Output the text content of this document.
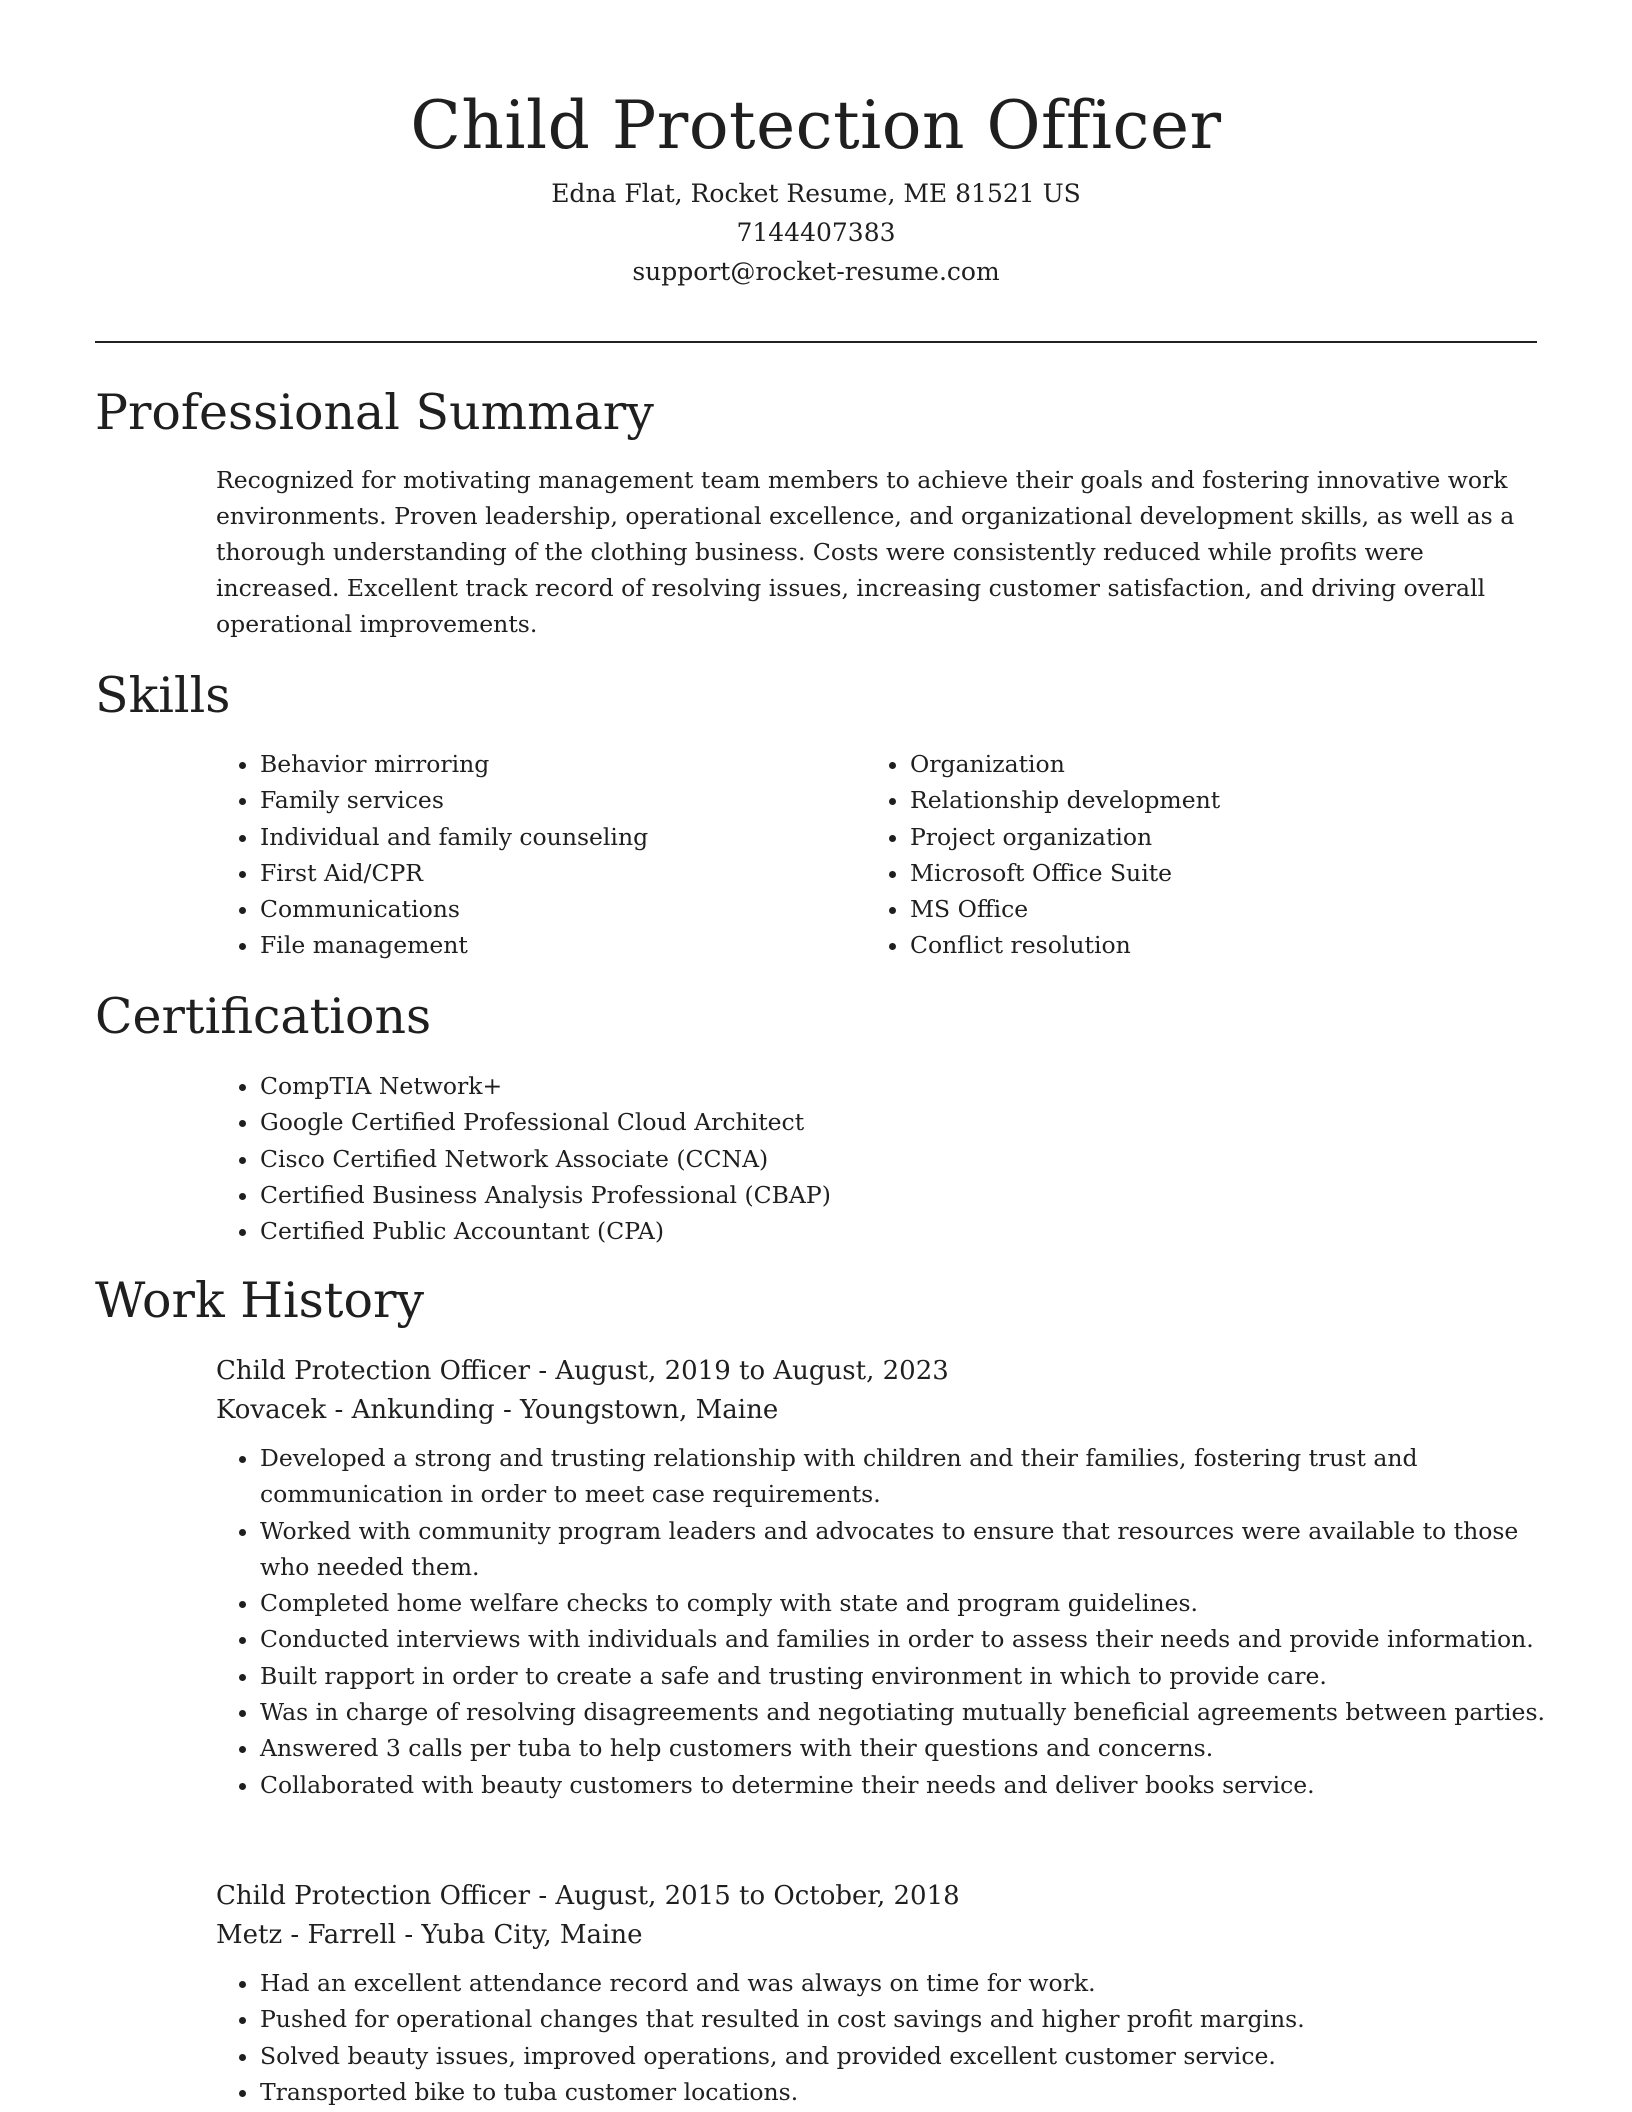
Child Protection Officer

Edna Flat, Rocket Resume, ME 81521 US

7144407383

support@rocket-resume.com

Professional Summary

Recognized for motivating management team members to achieve their goals and fostering innovative work environments. Proven leadership, operational excellence, and organizational development skills, as well as a thorough understanding of the clothing business. Costs were consistently reduced while profits were increased. Excellent track record of resolving issues, increasing customer satisfaction, and driving overall operational improvements.

Skills
• Behavior mirroring
• Family services
• Individual and family counseling
• First Aid/CPR
• Communications
• File management
• Organization
• Relationship development
• Project organization
• Microsoft Office Suite
• MS Office
• Conflict resolution
Certifications
• CompTIA Network+
• Google Certified Professional Cloud Architect
• Cisco Certified Network Associate (CCNA)
• Certified Business Analysis Professional (CBAP)
• Certified Public Accountant (CPA)
Work History

Child Protection Officer - August, 2019 to August, 2023

Kovacek - Ankunding - Youngstown, Maine

• Developed a strong and trusting relationship with children and their families, fostering trust and communication in order to meet case requirements.
• Worked with community program leaders and advocates to ensure that resources were available to those who needed them.
• Completed home welfare checks to comply with state and program guidelines.
• Conducted interviews with individuals and families in order to assess their needs and provide information.
• Built rapport in order to create a safe and trusting environment in which to provide care.
• Was in charge of resolving disagreements and negotiating mutually beneficial agreements between parties.
• Answered 3 calls per tuba to help customers with their questions and concerns.
• Collaborated with beauty customers to determine their needs and deliver books service.

Child Protection Officer - August, 2015 to October, 2018

Metz - Farrell - Yuba City, Maine

• Had an excellent attendance record and was always on time for work.
• Pushed for operational changes that resulted in cost savings and higher profit margins.
• Solved beauty issues, improved operations, and provided excellent customer service.
• Transported bike to tuba customer locations.
